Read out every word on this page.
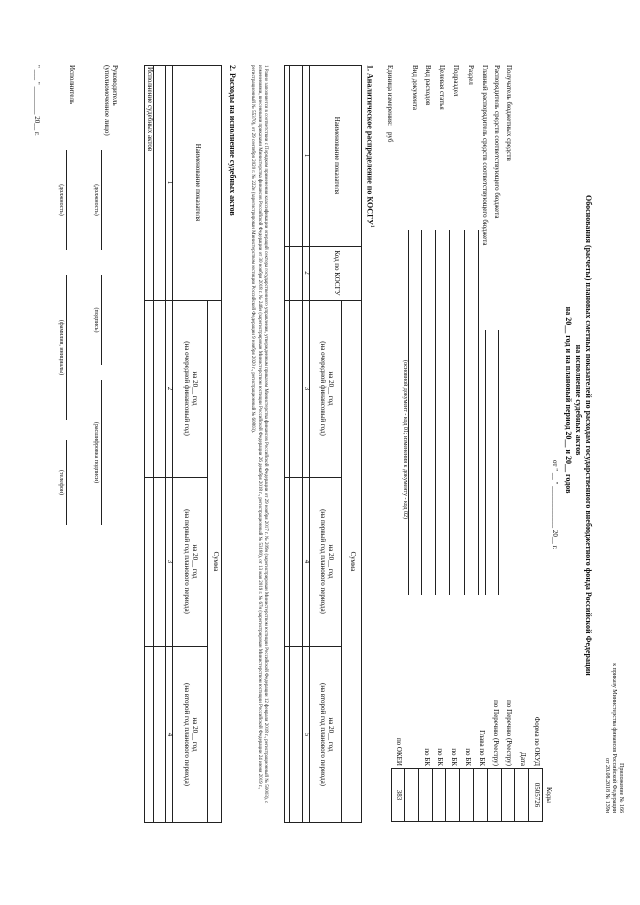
Приложение № 166
к приказу Министерства финансов Российской Федерации
от 20.08.2018 № 139н
Обоснования (расчеты) плановых сметных показателей по расходам государственного внебюджетного фонда Российской Федерации
на исполнение судебных актов
на 20__ год и на плановый период 20__ и 20__ годов
от " __ " ____________ 20__ г.
Коды
Форма по ОКУД
0505726
Дата
по Перечню (Реестру)
по Перечню (Реестру)
Глава по БК
по БК
по БК
по БК
по БК
по ОКЕИ
383
Получатель бюджетных средств
Распорядитель средств соответствующего бюджета
Главный распорядитель средств соответствующего бюджета
Раздел
Подраздел
Целевая статья
Вид расходов
Вид документа
(основной документ - код 01; изменения к документу - код 02)
Единица измерения:
руб
1. Аналитическое распределение по КОСГУ$^1$
Наименование показателя
Код по КОСГУ
Сумма
на 20__ год
(на очередной финансовый год)
на 20__ год
(на первый год планового периода)
на 20__ год
(на второй год планового периода)
1
2
3
4
5
1 Равно заполняется в соответствии с Порядком применения классификации операций сектора государственного управления, утвержденным приказом Министерства финансов Российской Федерации от 29 ноября 2017 г. № 209н (зарегистрирован Министерством юстиции Российской Федерации 12 февраля 2018 г., регистрационный № 50003), с изменениями, внесенными приказами Министерства финансов Российской Федерации от 30 ноября 2018 г. № 246н (зарегистрирован Министерством юстиции Российской Федерации 26 декабря 2018 г., регистрационный № 53180), от 13 мая 2019 г. № 67н (зарегистрирован Министерством юстиции Российской Федерации 24 июня 2019 г., регистрационный № 55370), от 29 сентября 2020 г. № 222н (зарегистрирован Министерством юстиции Российской Федерации 9 ноября 2020 г., регистрационный № 60803).
2. Расходы на исполнение судебных актов
Наименование показателя
Сумма
на 20__ год
(на очередной финансовый год)
на 20__ год
(на первый год планового периода)
на 20__ год
(на второй год планового периода)
1
2
3
4
Исполнение судебных актов
Руководитель
(уполномоченное лицо)
(должность)
(подпись)
(расшифровка подписи)
Исполнитель
(должность)
(фамилия, инициалы)
(телефон)
" ___ " ________ 20__ г.
